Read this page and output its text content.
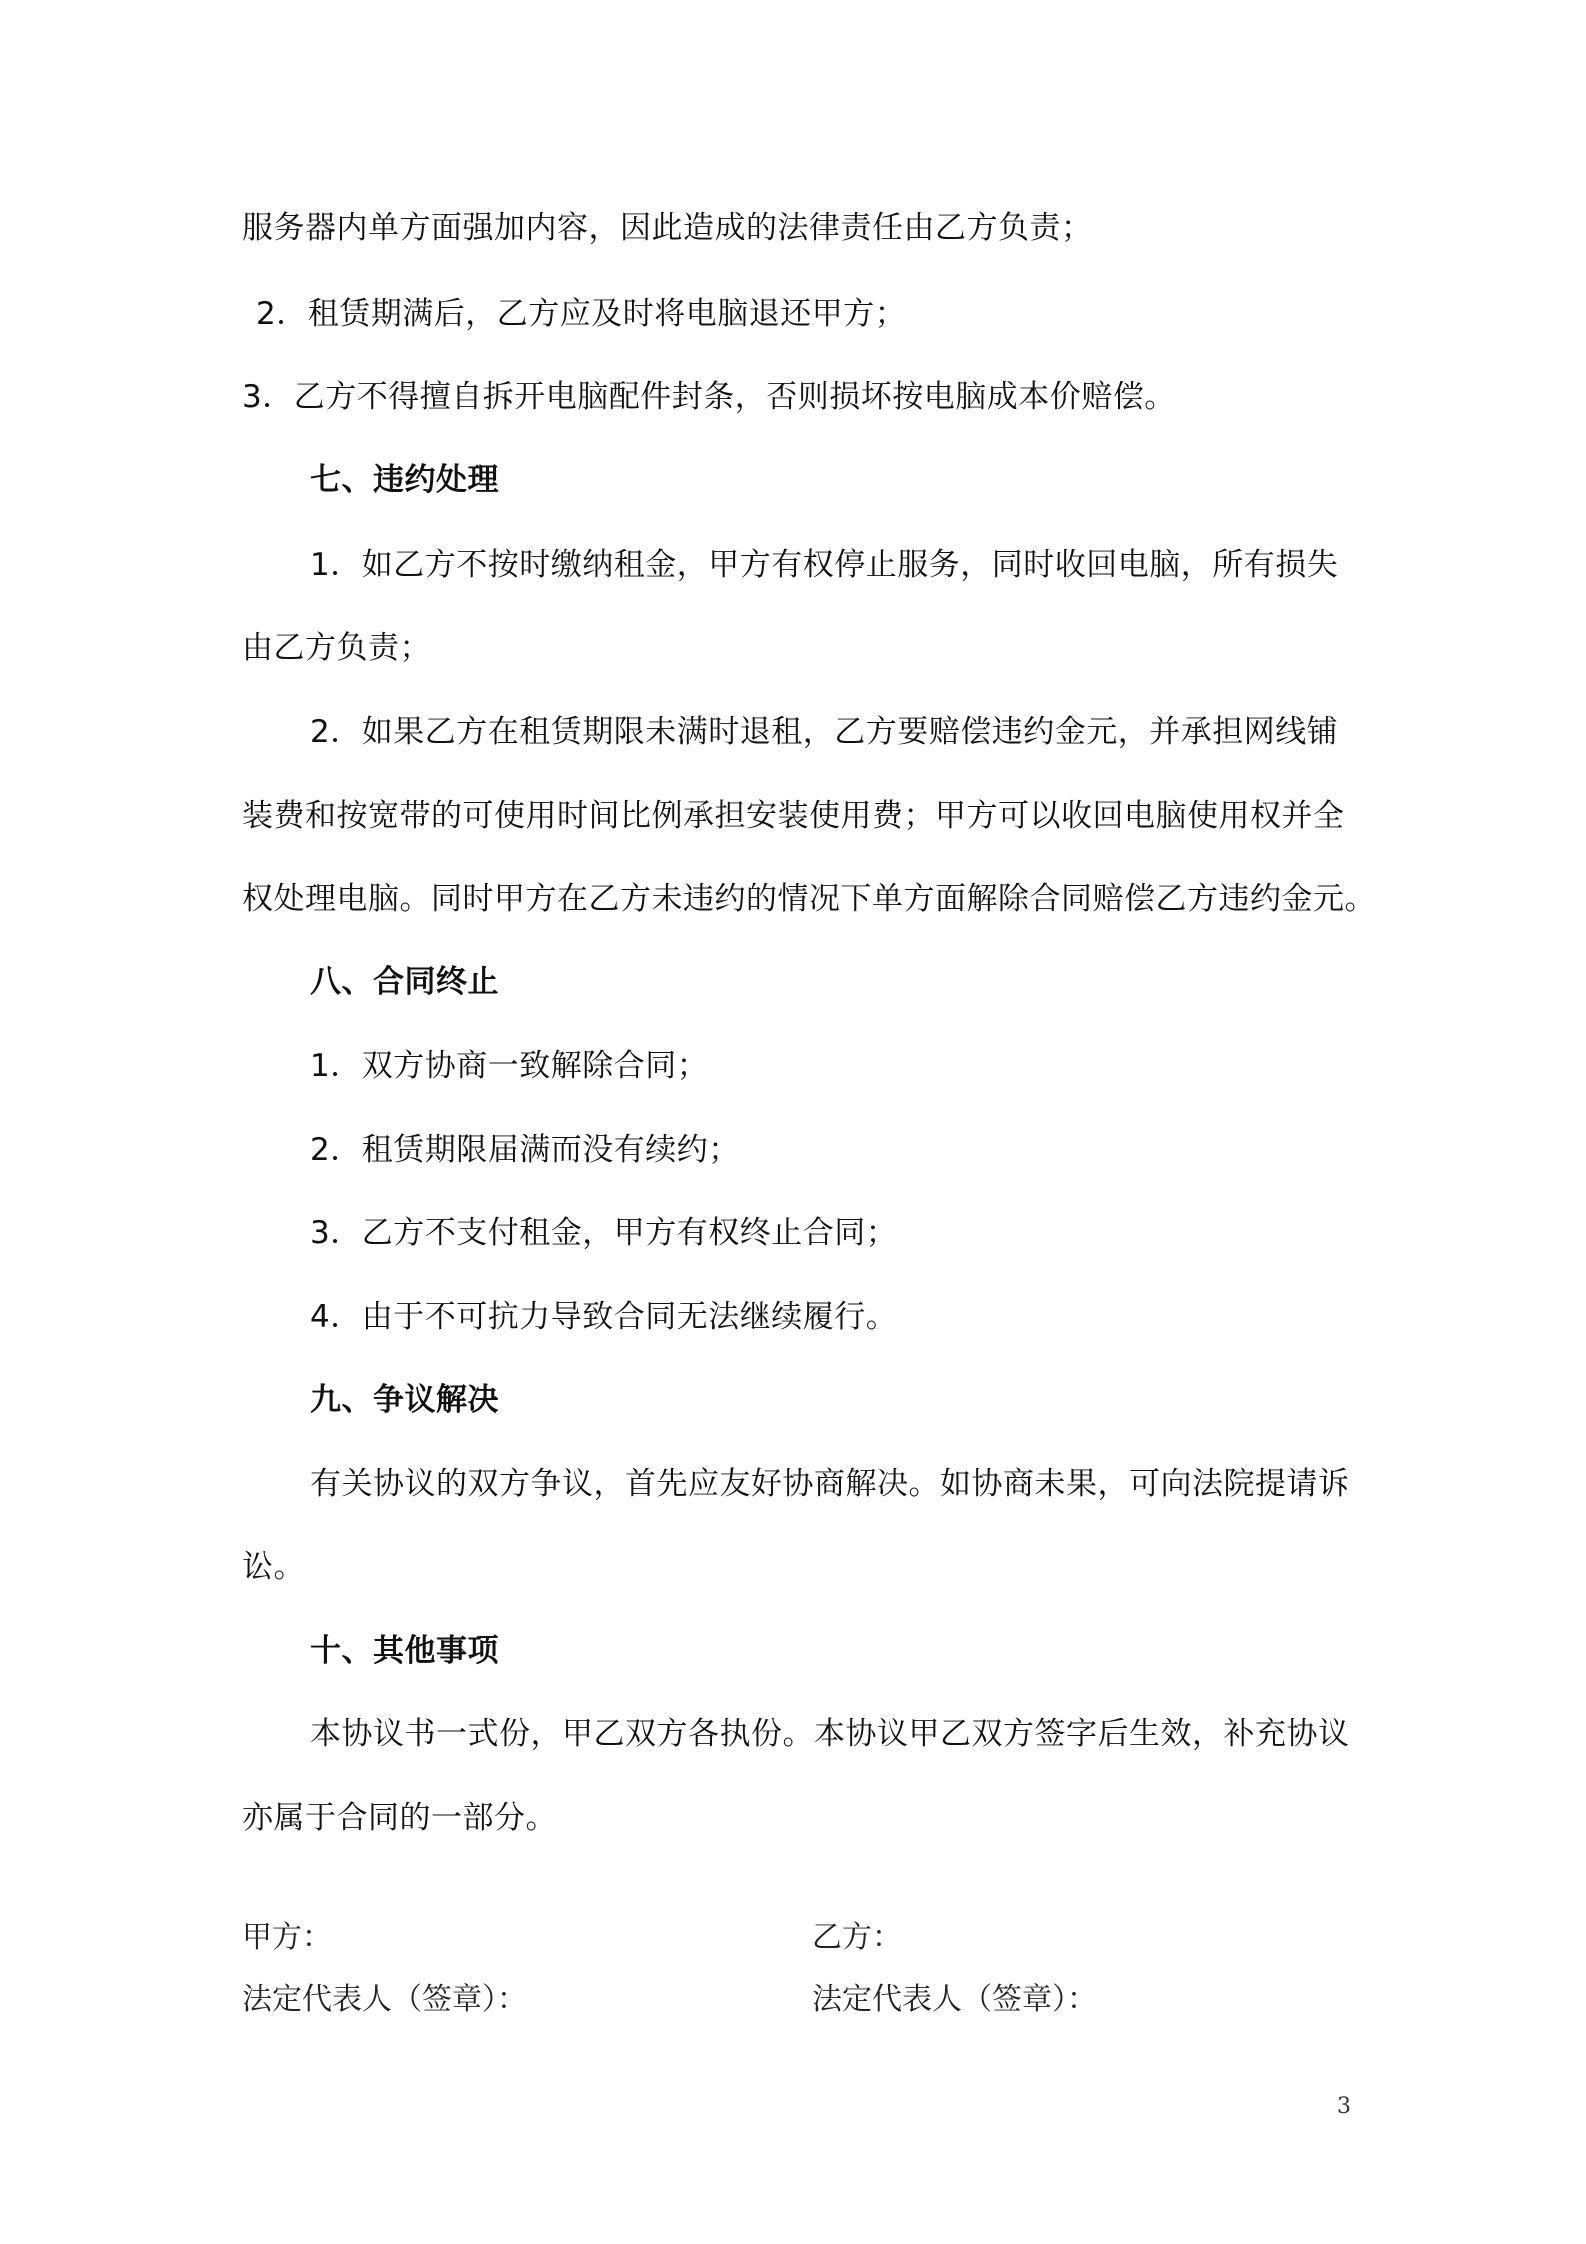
服务器内单方面强加内容，因此造成的法律责任由乙方负责；
2．租赁期满后，乙方应及时将电脑退还甲方；
3．乙方不得擅自拆开电脑配件封条，否则损坏按电脑成本价赔偿。
七、违约处理
1．如乙方不按时缴纳租金，甲方有权停止服务，同时收回电脑，所有损失
由乙方负责；
2．如果乙方在租赁期限未满时退租，乙方要赔偿违约金元，并承担网线铺
装费和按宽带的可使用时间比例承担安装使用费；甲方可以收回电脑使用权并全
权处理电脑。同时甲方在乙方未违约的情况下单方面解除合同赔偿乙方违约金元。
八、合同终止
1．双方协商一致解除合同；
2．租赁期限届满而没有续约；
3．乙方不支付租金，甲方有权终止合同；
4．由于不可抗力导致合同无法继续履行。
九、争议解决
有关协议的双方争议，首先应友好协商解决。如协商未果，可向法院提请诉
讼。
十、其他事项
本协议书一式份，甲乙双方各执份。本协议甲乙双方签字后生效，补充协议
亦属于合同的一部分。
甲方：	乙方：
法定代表人（签章）：	法定代表人（签章）：
3
